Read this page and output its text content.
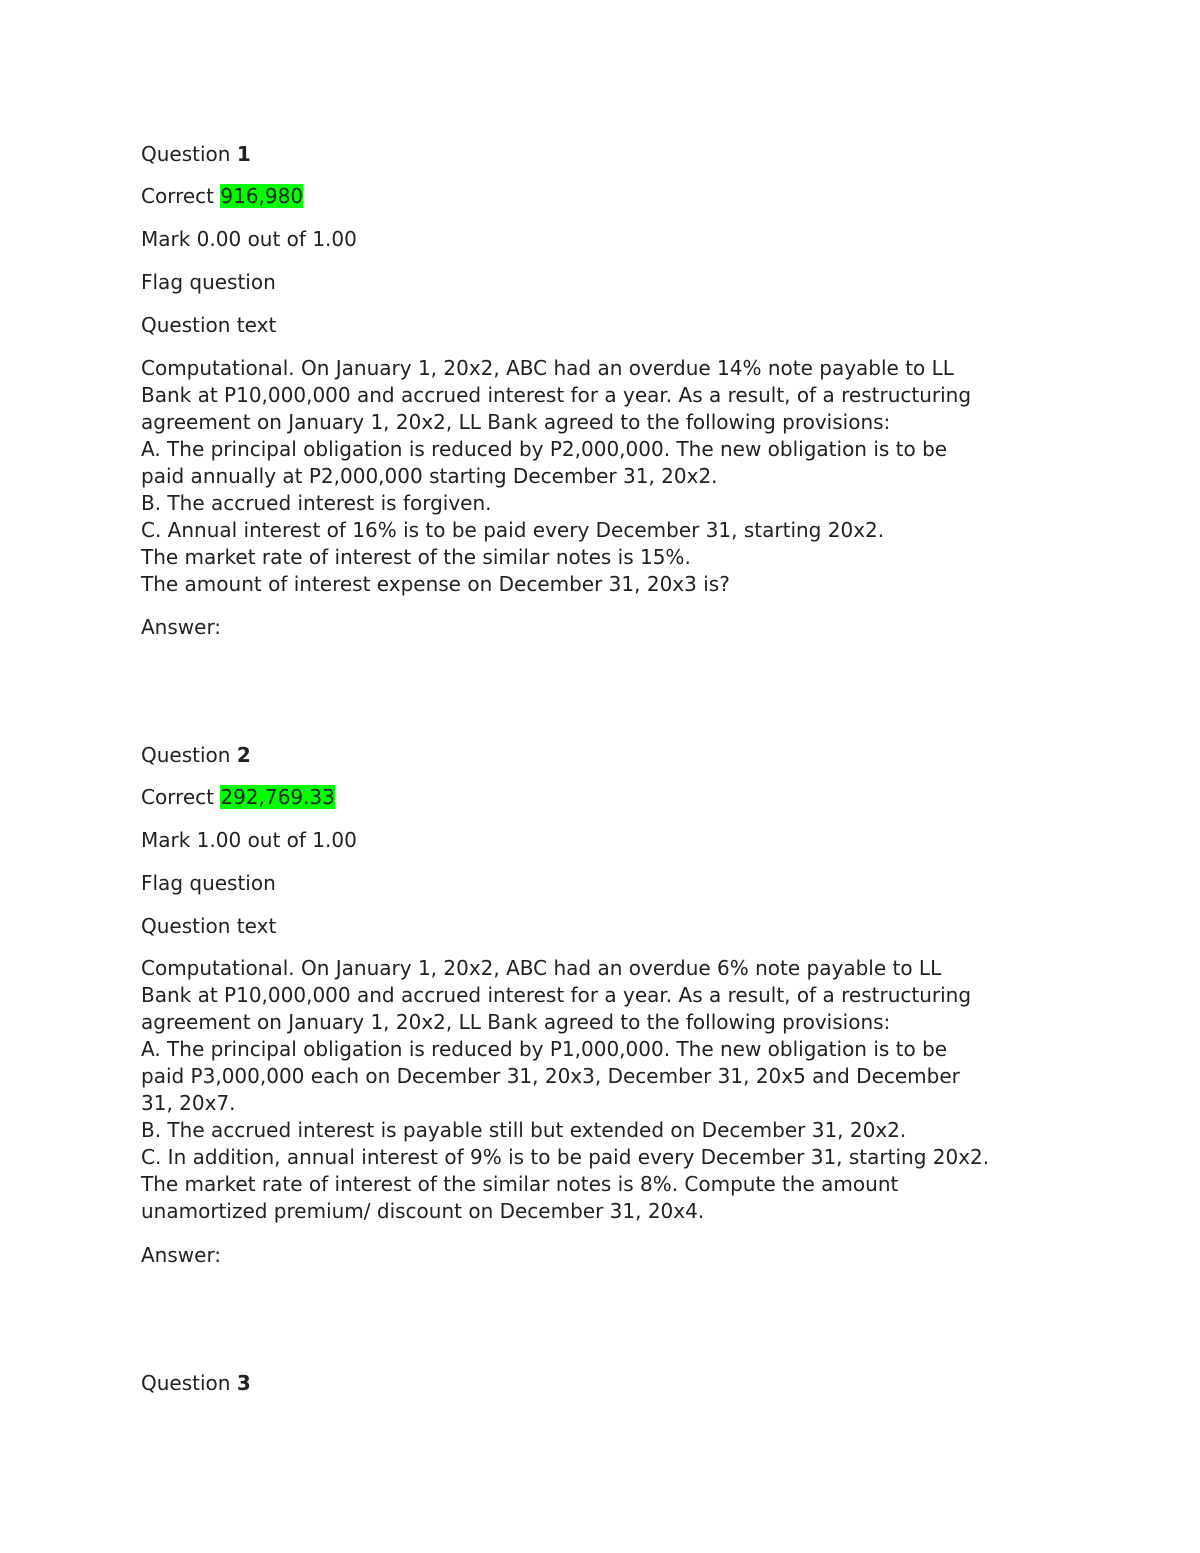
Question 1
Correct 916,980
Mark 0.00 out of 1.00
Flag question
Question text
Computational. On January 1, 20x2, ABC had an overdue 14% note payable to LL
Bank at P10,000,000 and accrued interest for a year. As a result, of a restructuring
agreement on January 1, 20x2, LL Bank agreed to the following provisions:
A. The principal obligation is reduced by P2,000,000. The new obligation is to be
paid annually at P2,000,000 starting December 31, 20x2.
B. The accrued interest is forgiven.
C. Annual interest of 16% is to be paid every December 31, starting 20x2.
The market rate of interest of the similar notes is 15%.
The amount of interest expense on December 31, 20x3 is?
Answer:
Question 2
Correct 292,769.33
Mark 1.00 out of 1.00
Flag question
Question text
Computational. On January 1, 20x2, ABC had an overdue 6% note payable to LL
Bank at P10,000,000 and accrued interest for a year. As a result, of a restructuring
agreement on January 1, 20x2, LL Bank agreed to the following provisions:
A. The principal obligation is reduced by P1,000,000. The new obligation is to be
paid P3,000,000 each on December 31, 20x3, December 31, 20x5 and December
31, 20x7.
B. The accrued interest is payable still but extended on December 31, 20x2.
C. In addition, annual interest of 9% is to be paid every December 31, starting 20x2.
The market rate of interest of the similar notes is 8%. Compute the amount
unamortized premium/ discount on December 31, 20x4.
Answer:
Question 3
